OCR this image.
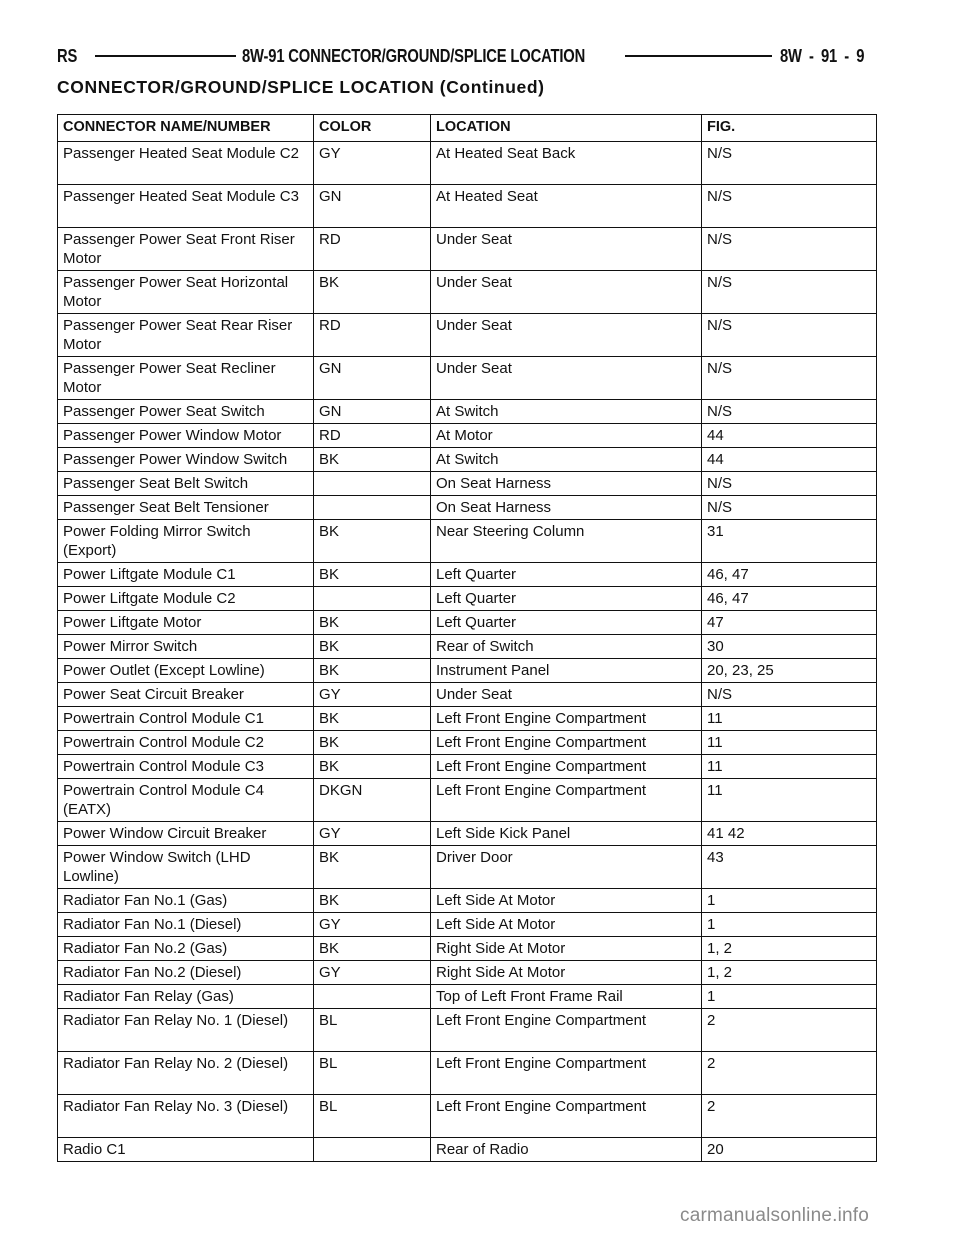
RS	8W-91 CONNECTOR/GROUND/SPLICE LOCATION	8W - 91 - 9
CONNECTOR/GROUND/SPLICE LOCATION (Continued)
CONNECTOR NAME/NUMBER	COLOR	LOCATION	FIG.
Passenger Heated Seat Module C2	GY	At Heated Seat Back	N/S
Passenger Heated Seat Module C3	GN	At Heated Seat	N/S
Passenger Power Seat Front Riser Motor	RD	Under Seat	N/S
Passenger Power Seat Horizontal Motor	BK	Under Seat	N/S
Passenger Power Seat Rear Riser Motor	RD	Under Seat	N/S
Passenger Power Seat Recliner Motor	GN	Under Seat	N/S
Passenger Power Seat Switch	GN	At Switch	N/S
Passenger Power Window Motor	RD	At Motor	44
Passenger Power Window Switch	BK	At Switch	44
Passenger Seat Belt Switch		On Seat Harness	N/S
Passenger Seat Belt Tensioner		On Seat Harness	N/S
Power Folding Mirror Switch (Export)	BK	Near Steering Column	31
Power Liftgate Module C1	BK	Left Quarter	46, 47
Power Liftgate Module C2		Left Quarter	46, 47
Power Liftgate Motor	BK	Left Quarter	47
Power Mirror Switch	BK	Rear of Switch	30
Power Outlet (Except Lowline)	BK	Instrument Panel	20, 23, 25
Power Seat Circuit Breaker	GY	Under Seat	N/S
Powertrain Control Module C1	BK	Left Front Engine Compartment	11
Powertrain Control Module C2	BK	Left Front Engine Compartment	11
Powertrain Control Module C3	BK	Left Front Engine Compartment	11
Powertrain Control Module C4 (EATX)	DKGN	Left Front Engine Compartment	11
Power Window Circuit Breaker	GY	Left Side Kick Panel	41 42
Power Window Switch (LHD Lowline)	BK	Driver Door	43
Radiator Fan No.1 (Gas)	BK	Left Side At Motor	1
Radiator Fan No.1 (Diesel)	GY	Left Side At Motor	1
Radiator Fan No.2 (Gas)	BK	Right Side At Motor	1, 2
Radiator Fan No.2 (Diesel)	GY	Right Side At Motor	1, 2
Radiator Fan Relay (Gas)		Top of Left Front Frame Rail	1
Radiator Fan Relay No. 1 (Diesel)	BL	Left Front Engine Compartment	2
Radiator Fan Relay No. 2 (Diesel)	BL	Left Front Engine Compartment	2
Radiator Fan Relay No. 3 (Diesel)	BL	Left Front Engine Compartment	2
Radio C1		Rear of Radio	20
carmanualsonline.info
